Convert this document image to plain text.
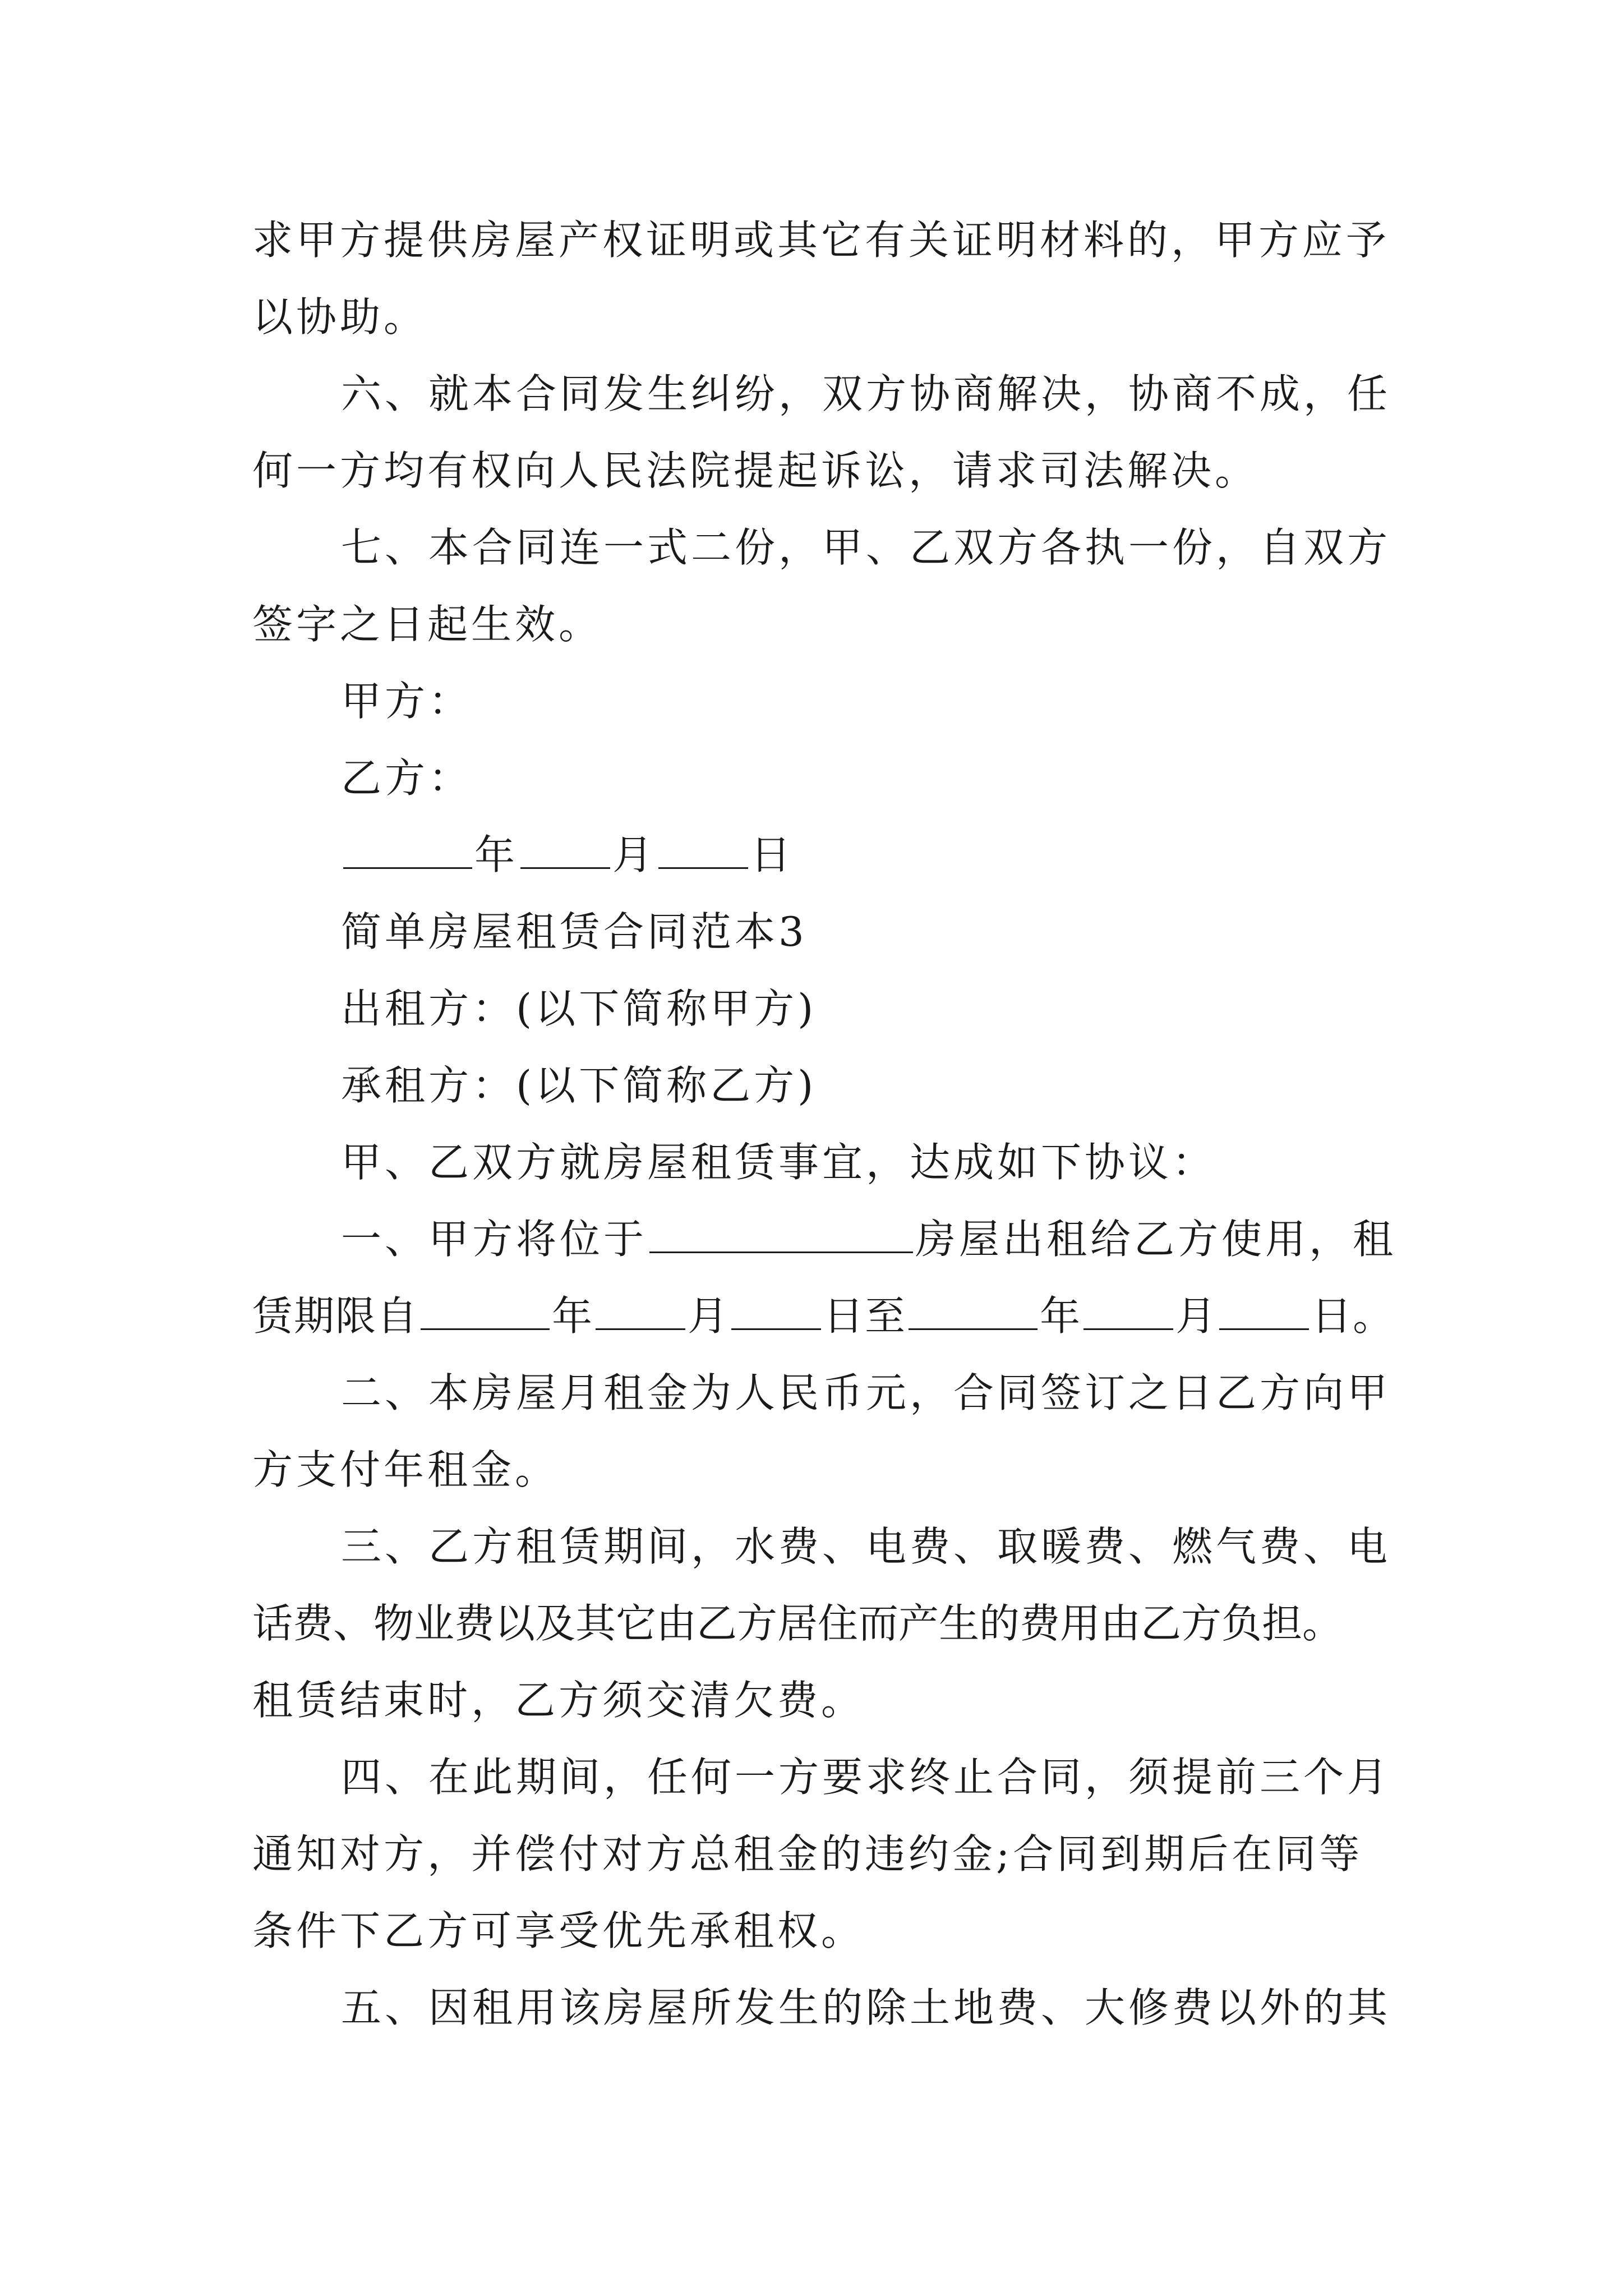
求甲方提供房屋产权证明或其它有关证明材料的，甲方应予

以协助。

六、就本合同发生纠纷，双方协商解决，协商不成，任

何一方均有权向人民法院提起诉讼，请求司法解决。

七、本合同连一式二份，甲、乙双方各执一份，自双方

签字之日起生效。

甲方：

乙方：

年 月 日

简单房屋租赁合同范本3

出租方：(以下简称甲方)

承租方：(以下简称乙方)

甲、乙双方就房屋租赁事宜，达成如下协议：

一、甲方将位于	房屋出租给乙方使用，租

赁期限自	年 月 日至	年 月 日。

二、本房屋月租金为人民币元，合同签订之日乙方向甲

方支付年租金。

三、乙方租赁期间，水费、电费、取暖费、燃气费、电

话费、物业费以及其它由乙方居住而产生的费用由乙方负担。

租赁结束时，乙方须交清欠费。

四、在此期间，任何一方要求终止合同，须提前三个月

通知对方，并偿付对方总租金的违约金;合同到期后在同等

条件下乙方可享受优先承租权。

五、因租用该房屋所发生的除土地费、大修费以外的其
